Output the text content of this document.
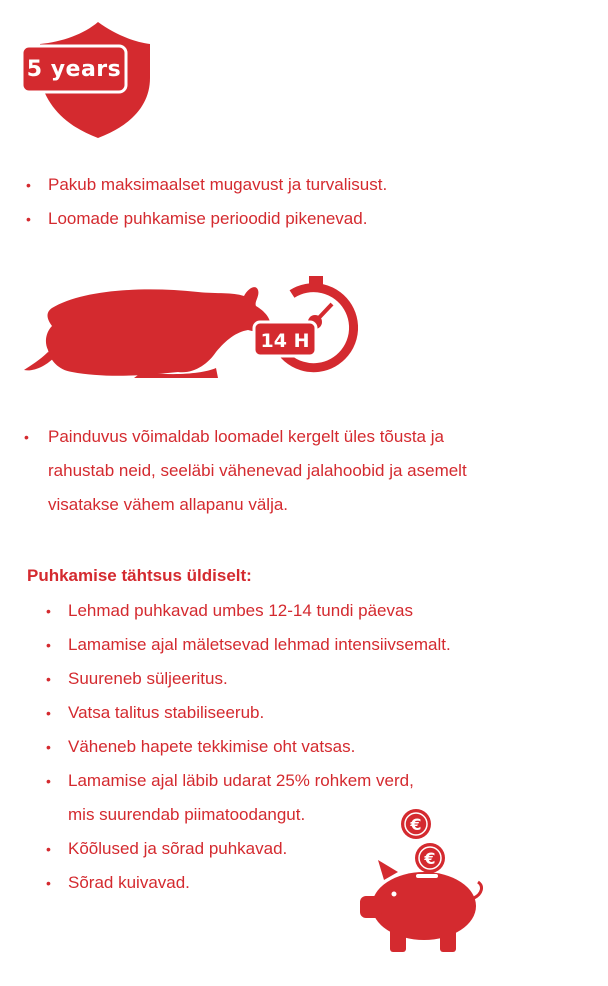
5 years
• Pakub maksimaalset mugavust ja turvalisust.
• Loomade puhkamise perioodid pikenevad.
14 H
•	Painduvus võimaldab loomadel kergelt üles tõusta ja
rahustab neid, seeläbi vähenevad jalahoobid ja asemelt
visatakse vähem allapanu välja.
Puhkamise tähtsus üldiselt:
• Lehmad puhkavad umbes 12-14 tundi päevas
• Lamamise ajal mäletsevad lehmad intensiivsemalt.
• Suureneb süljeeritus.
• Vatsa talitus stabiliseerub.
• Väheneb hapete tekkimise oht vatsas.
• Lamamise ajal läbib udarat 25% rohkem verd,
mis suurendab piimatoodangut.
• Kõõlused ja sõrad puhkavad.
• Sõrad kuivavad.
€
€
